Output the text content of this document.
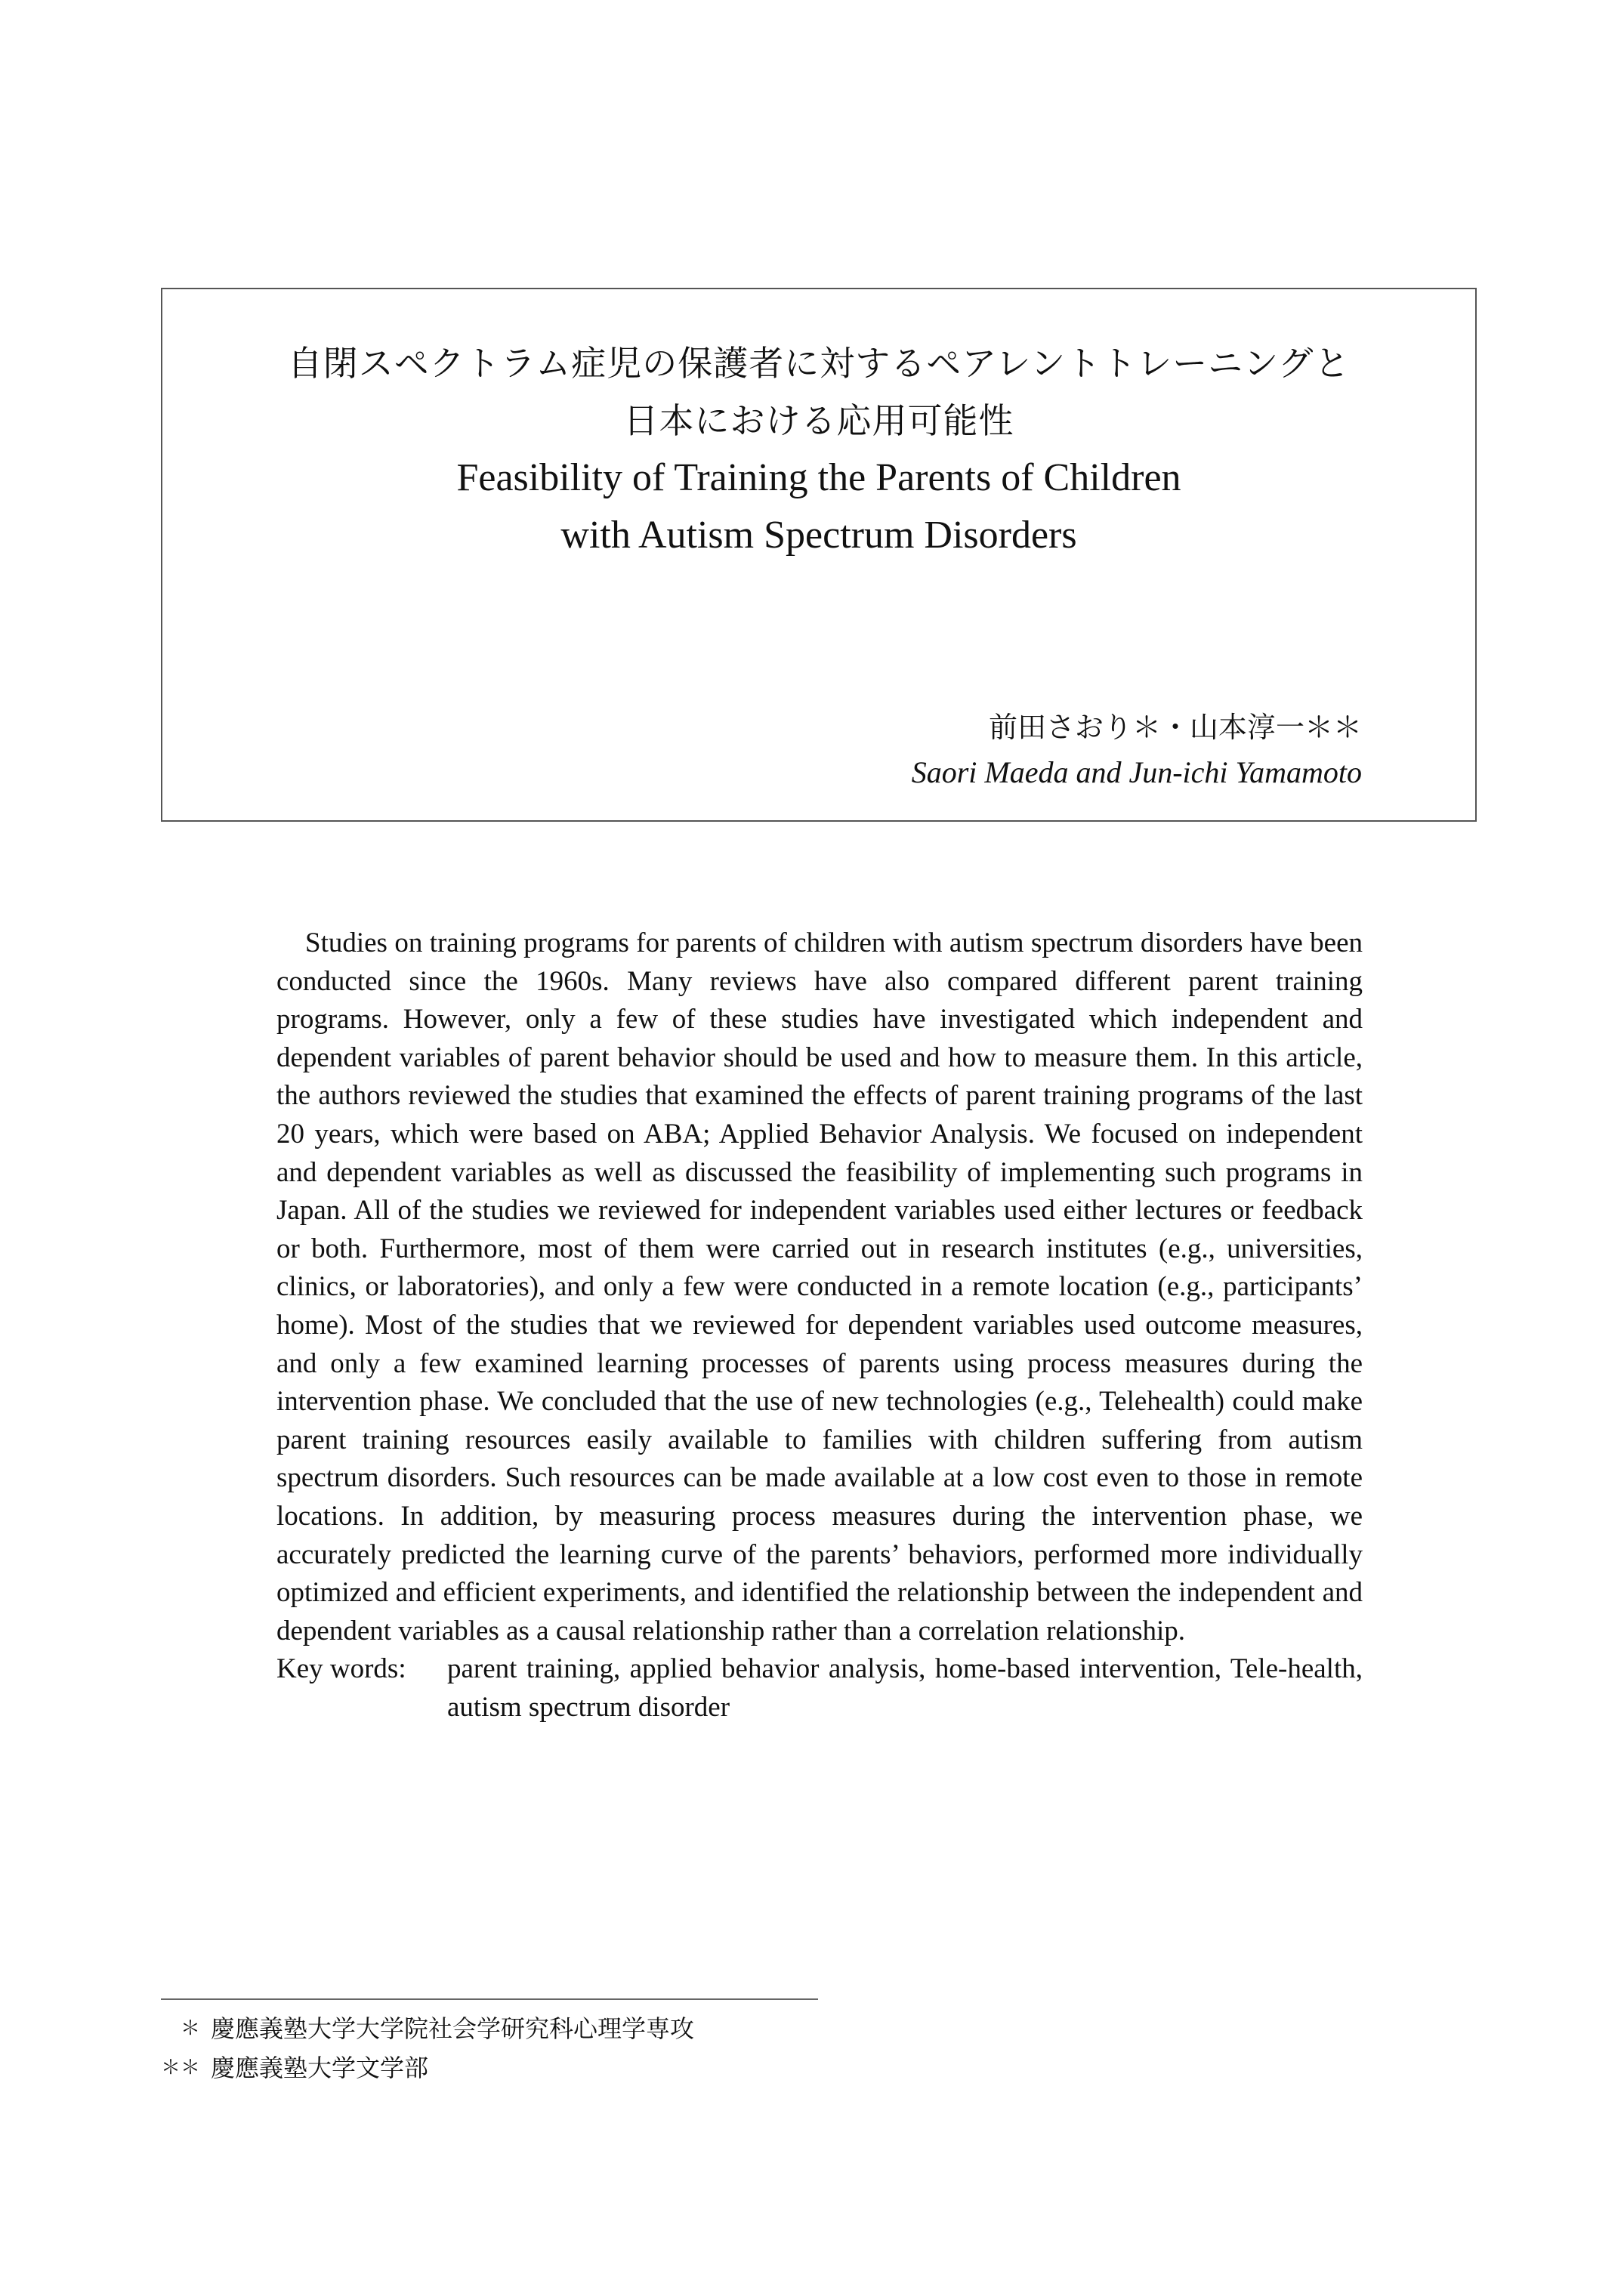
自閉スペクトラム症児の保護者に対するペアレントトレーニングと
日本における応用可能性
Feasibility of Training the Parents of Children
with Autism Spectrum Disorders
前田さおり＊・山本淳一＊＊
Saori Maeda and Jun-ichi Yamamoto

Studies on training programs for parents of children with autism spectrum disorders have been conducted since the 1960s. Many reviews have also compared different parent training programs. However, only a few of these studies have investigated which independent and dependent variables of parent behavior should be used and how to measure them. In this article, the authors reviewed the studies that examined the effects of parent training programs of the last 20 years, which were based on ABA; Applied Behavior Analysis. We focused on independent and dependent variables as well as discussed the feasibility of implementing such programs in Japan. All of the studies we reviewed for independent variables used either lectures or feedback or both. Furthermore, most of them were carried out in research institutes (e.g., universities, clinics, or laboratories), and only a few were conducted in a remote location (e.g., participants’ home). Most of the studies that we reviewed for dependent variables used outcome measures, and only a few examined learning processes of parents using process measures during the intervention phase. We concluded that the use of new technologies (e.g., Telehealth) could make parent training resources easily available to families with children suffering from autism spectrum disorders. Such resources can be made available at a low cost even to those in remote locations. In addition, by measuring process measures during the intervention phase, we accurately predicted the learning curve of the parents’ behaviors, performed more individually optimized and efficient experiments, and identified the relationship between the independent and dependent variables as a causal relationship rather than a correlation relationship.

Key words:	parent training, applied behavior analysis, home-based intervention, Tele-health, autism spectrum disorder
＊ 慶應義塾大学大学院社会学研究科心理学専攻
＊＊ 慶應義塾大学文学部
